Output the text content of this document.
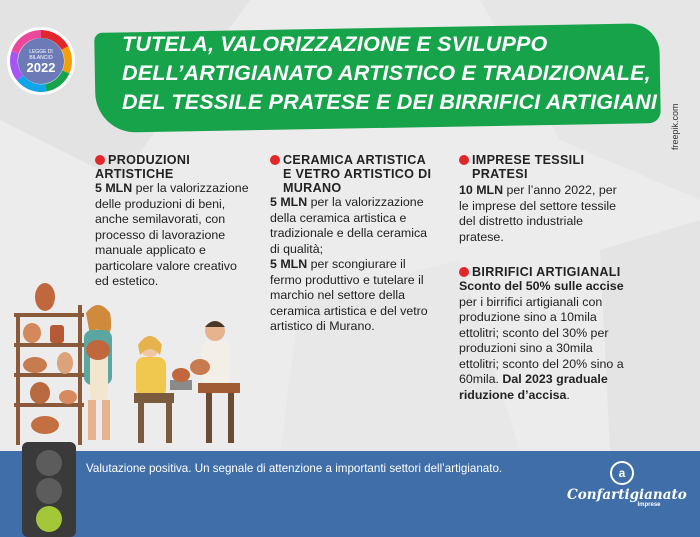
LEGGE DI BILANCIO
2022
TUTELA, VALORIZZAZIONE E SVILUPPO
DELL’ARTIGIANATO ARTISTICO E TRADIZIONALE,
DEL TESSILE PRATESE E DEI BIRRIFICI ARTIGIANI
freepik.com
PRODUZIONI ARTISTICHE
5 MLN per la valorizzazione delle produzioni di beni, anche semilavorati, con processo di lavorazione manuale applicato e particolare valore creativo ed estetico.
CERAMICA ARTISTICA
E VETRO ARTISTICO DI
MURANO
5 MLN per la valorizzazione della ceramica artistica e tradizionale e della ceramica di qualità;
5 MLN per scongiurare il fermo produttivo e tutelare il marchio nel settore della ceramica artistica e del vetro artistico di Murano.
IMPRESE TESSILI
PRATESI
10 MLN per l’anno 2022, per le imprese del settore tessile del distretto industriale pratese.
BIRRIFICI ARTIGIANALI
Sconto del 50% sulle accise per i birrifici artigianali con produzione sino a 10mila ettolitri; sconto del 30% per produzioni sino a 30mila ettolitri; sconto del 20% sino a 60mila. Dal 2023 graduale riduzione d’accisa.
Valutazione positiva. Un segnale di attenzione a importanti settori dell’artigianato.	a
Confartigianato
Imprese
